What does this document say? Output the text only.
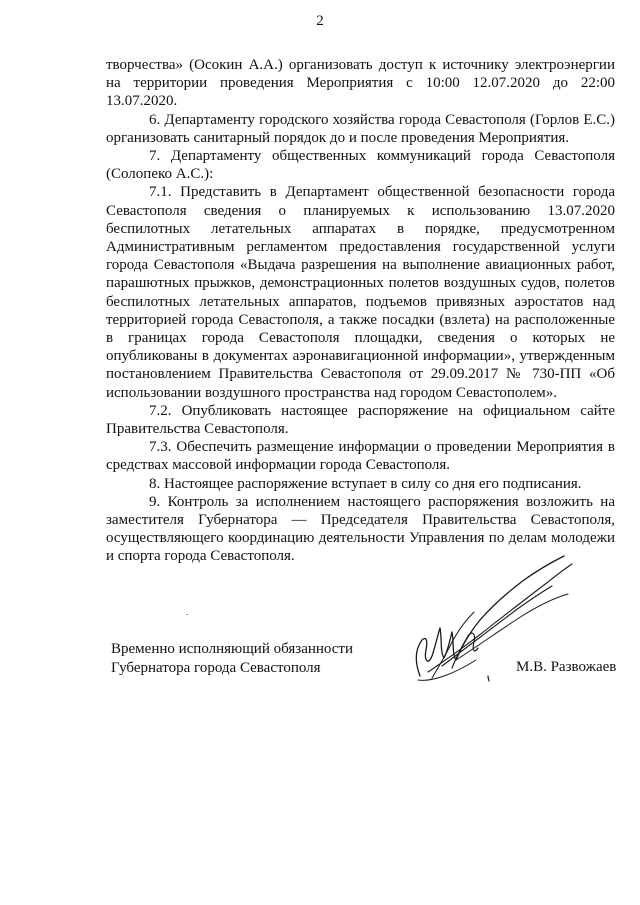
2

творчества» (Осокин А.А.) организовать доступ к источнику электроэнергии на территории проведения Мероприятия с 10:00 12.07.2020 до 22:00 13.07.2020.

6. Департаменту городского хозяйства города Севастополя (Горлов Е.С.) организовать санитарный порядок до и после проведения Мероприятия.

7. Департаменту общественных коммуникаций города Севастополя (Солопеко А.С.):

7.1. Представить в Департамент общественной безопасности города Севастополя сведения о планируемых к использованию 13.07.2020 беспилотных летательных аппаратах в порядке, предусмотренном Административным регламентом предоставления государственной услуги города Севастополя «Выдача разрешения на выполнение авиационных работ, парашютных прыжков, демонстрационных полетов воздушных судов, полетов беспилотных летательных аппаратов, подъемов привязных аэростатов над территорией города Севастополя, а также посадки (взлета) на расположенные в границах города Севастополя площадки, сведения о которых не опубликованы в документах аэронавигационной информации», утвержденным постановлением Правительства Севастополя от 29.09.2017 № 730-ПП «Об использовании воздушного пространства над городом Севастополем».

7.2. Опубликовать настоящее распоряжение на официальном сайте Правительства Севастополя.

7.3. Обеспечить размещение информации о проведении Мероприятия в средствах массовой информации города Севастополя.

8. Настоящее распоряжение вступает в силу со дня его подписания.

9. Контроль за исполнением настоящего распоряжения возложить на заместителя Губернатора — Председателя Правительства Севастополя, осуществляющего координацию деятельности Управления по делам молодежи и спорта города Севастополя.

Временно исполняющий обязанности
Губернатора города Севастополя	М.В. Развожаев
